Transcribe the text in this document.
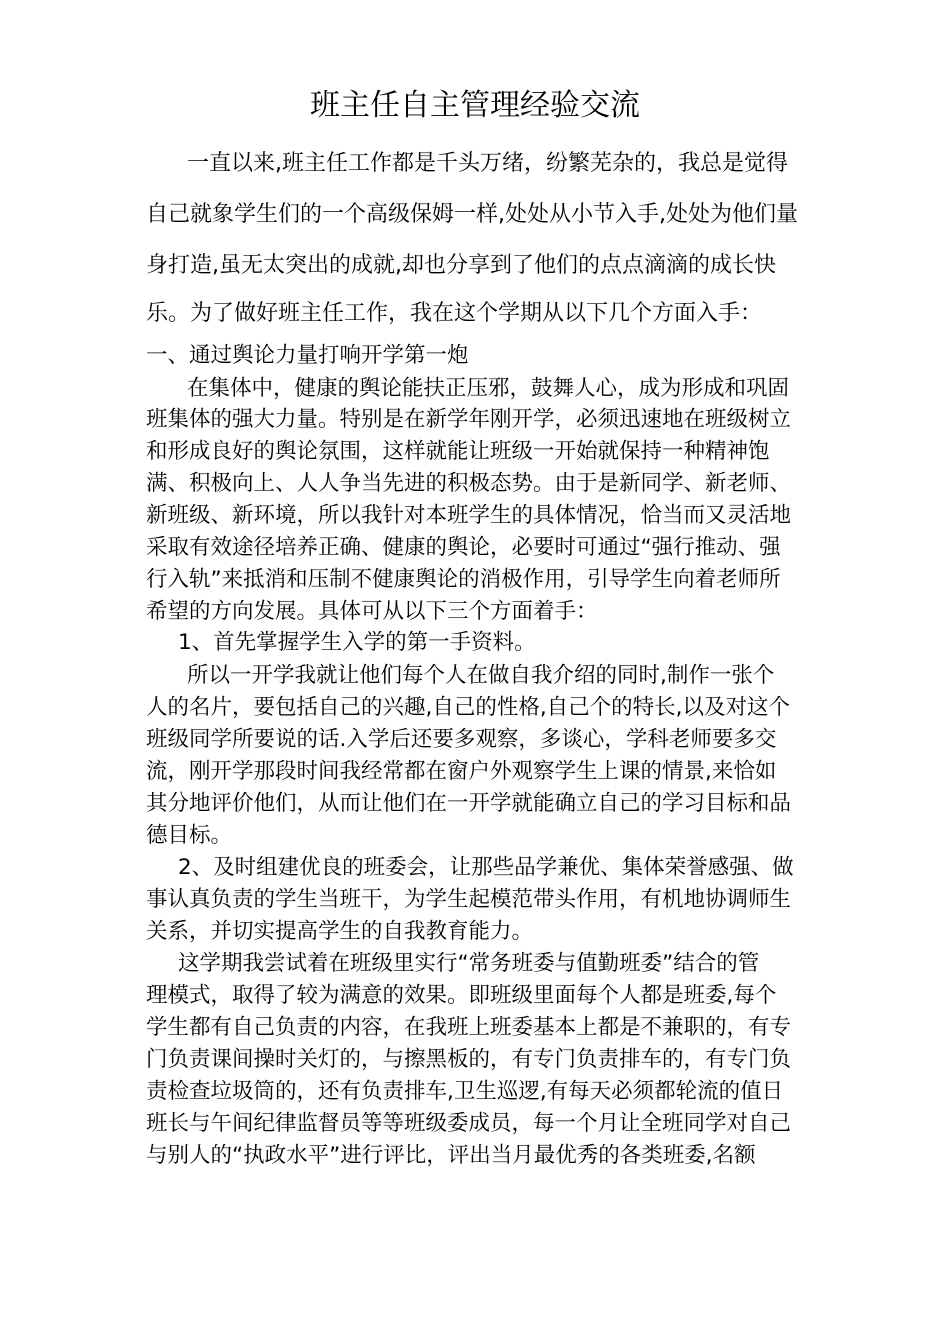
班主任自主管理经验交流
一直以来,班主任工作都是千头万绪，纷繁芜杂的，我总是觉得
自己就象学生们的一个高级保姆一样,处处从小节入手,处处为他们量
身打造,虽无太突出的成就,却也分享到了他们的点点滴滴的成长快
乐。为了做好班主任工作，我在这个学期从以下几个方面入手：
一、通过舆论力量打响开学第一炮
在集体中，健康的舆论能扶正压邪，鼓舞人心，成为形成和巩固
班集体的强大力量。特别是在新学年刚开学，必须迅速地在班级树立
和形成良好的舆论氛围，这样就能让班级一开始就保持一种精神饱
满、积极向上、人人争当先进的积极态势。由于是新同学、新老师、
新班级、新环境，所以我针对本班学生的具体情况，恰当而又灵活地
采取有效途径培养正确、健康的舆论，必要时可通过“强行推动、强
行入轨”来抵消和压制不健康舆论的消极作用，引导学生向着老师所
希望的方向发展。具体可从以下三个方面着手：
1、首先掌握学生入学的第一手资料。
所以一开学我就让他们每个人在做自我介绍的同时,制作一张个
人的名片，要包括自己的兴趣,自己的性格,自己个的特长,以及对这个
班级同学所要说的话.入学后还要多观察，多谈心，学科老师要多交
流，刚开学那段时间我经常都在窗户外观察学生上课的情景,来恰如
其分地评价他们，从而让他们在一开学就能确立自己的学习目标和品
德目标。
2、及时组建优良的班委会，让那些品学兼优、集体荣誉感强、做
事认真负责的学生当班干，为学生起模范带头作用，有机地协调师生
关系，并切实提高学生的自我教育能力。
这学期我尝试着在班级里实行“常务班委与值勤班委”结合的管
理模式，取得了较为满意的效果。即班级里面每个人都是班委,每个
学生都有自己负责的内容，在我班上班委基本上都是不兼职的，有专
门负责课间操时关灯的，与擦黑板的，有专门负责排车的，有专门负
责检查垃圾筒的，还有负责排车,卫生巡逻,有每天必须都轮流的值日
班长与午间纪律监督员等等班级委成员，每一个月让全班同学对自己
与别人的“执政水平”进行评比，评出当月最优秀的各类班委,名额
